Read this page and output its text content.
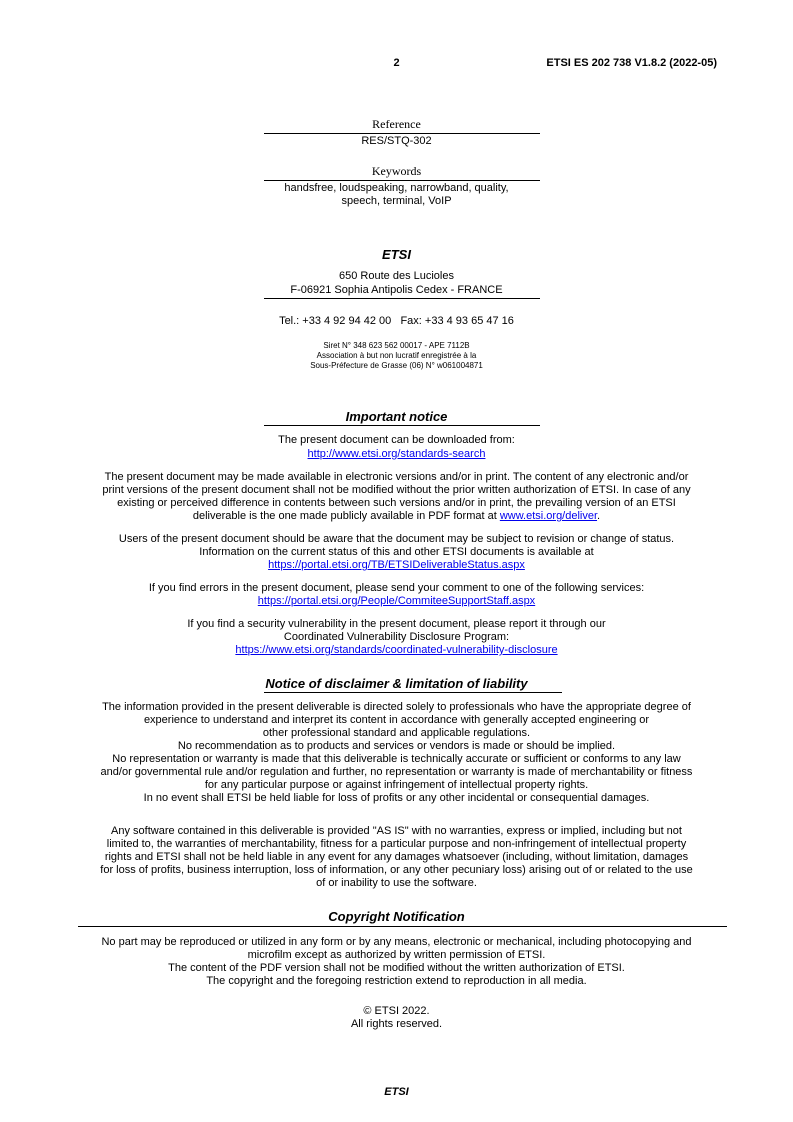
2	ETSI ES 202 738 V1.8.2 (2022-05)
Reference
RES/STQ-302
Keywords
handsfree, loudspeaking, narrowband, quality,
speech, terminal, VoIP
ETSI
650 Route des Lucioles
F-06921 Sophia Antipolis Cedex - FRANCE
Tel.: +33 4 92 94 42 00   Fax: +33 4 93 65 47 16
Siret N° 348 623 562 00017 - APE 7112B
Association à but non lucratif enregistrée à la
Sous-Préfecture de Grasse (06) N° w061004871
Important notice
The present document can be downloaded from:
http://www.etsi.org/standards-search

The present document may be made available in electronic versions and/or in print. The content of any electronic and/or

print versions of the present document shall not be modified without the prior written authorization of ETSI. In case of any

existing or perceived difference in contents between such versions and/or in print, the prevailing version of an ETSI

deliverable is the one made publicly available in PDF format at www.etsi.org/deliver.

Users of the present document should be aware that the document may be subject to revision or change of status.

Information on the current status of this and other ETSI documents is available at

https://portal.etsi.org/TB/ETSIDeliverableStatus.aspx

If you find errors in the present document, please send your comment to one of the following services:

https://portal.etsi.org/People/CommiteeSupportStaff.aspx

If you find a security vulnerability in the present document, please report it through our

Coordinated Vulnerability Disclosure Program:

https://www.etsi.org/standards/coordinated-vulnerability-disclosure

Notice of disclaimer & limitation of liability

The information provided in the present deliverable is directed solely to professionals who have the appropriate degree of

experience to understand and interpret its content in accordance with generally accepted engineering or

other professional standard and applicable regulations.

No recommendation as to products and services or vendors is made or should be implied.

No representation or warranty is made that this deliverable is technically accurate or sufficient or conforms to any law

and/or governmental rule and/or regulation and further, no representation or warranty is made of merchantability or fitness

for any particular purpose or against infringement of intellectual property rights.

In no event shall ETSI be held liable for loss of profits or any other incidental or consequential damages.

Any software contained in this deliverable is provided "AS IS" with no warranties, express or implied, including but not

limited to, the warranties of merchantability, fitness for a particular purpose and non-infringement of intellectual property

rights and ETSI shall not be held liable in any event for any damages whatsoever (including, without limitation, damages

for loss of profits, business interruption, loss of information, or any other pecuniary loss) arising out of or related to the use

of or inability to use the software.

Copyright Notification

No part may be reproduced or utilized in any form or by any means, electronic or mechanical, including photocopying and

microfilm except as authorized by written permission of ETSI.

The content of the PDF version shall not be modified without the written authorization of ETSI.

The copyright and the foregoing restriction extend to reproduction in all media.

© ETSI 2022.
All rights reserved.
ETSI
